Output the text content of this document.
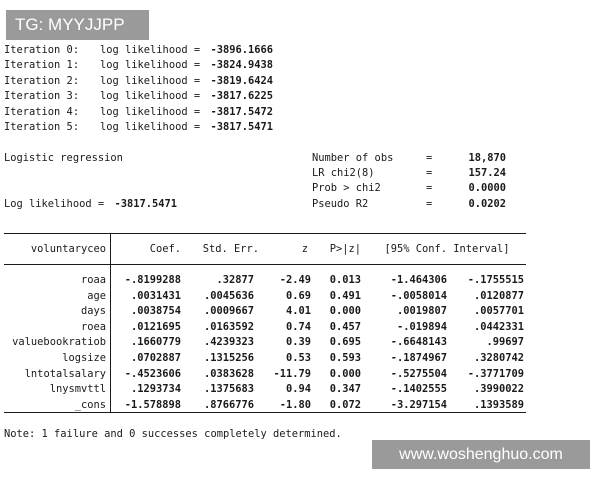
TG: MYYJJPP
Iteration 0: log likelihood = -3896.1666
Iteration 1: log likelihood = -3824.9438
Iteration 2: log likelihood = -3819.6424
Iteration 3: log likelihood = -3817.6225
Iteration 4: log likelihood = -3817.5472
Iteration 5: log likelihood = -3817.5471
Logistic regression
Log likelihood = -3817.5471
Number of obs	=	18,870
LR chi2(8)	=	157.24
Prob > chi2	=	0.0000
Pseudo R2	=	0.0202
voluntaryceo	Coef.	Std. Err.	z	P>|z|	[95% Conf. Interval]
roaa	-.8199288	.32877	-2.49	0.013	-1.464306	-.1755515
age	.0031431	.0045636	0.69	0.491	-.0058014	.0120877
days	.0038754	.0009667	4.01	0.000	.0019807	.0057701
roea	.0121695	.0163592	0.74	0.457	-.019894	.0442331
valuebookratiob	.1660779	.4239323	0.39	0.695	-.6648143	.99697
logsize	.0702887	.1315256	0.53	0.593	-.1874967	.3280742
lntotalsalary	-.4523606	.0383628	-11.79	0.000	-.5275504	-.3771709
lnysmvttl	.1293734	.1375683	0.94	0.347	-.1402555	.3990022
_cons	-1.578898	.8766776	-1.80	0.072	-3.297154	.1393589
Note: 1 failure and 0 successes completely determined.
www.woshenghuo.com
